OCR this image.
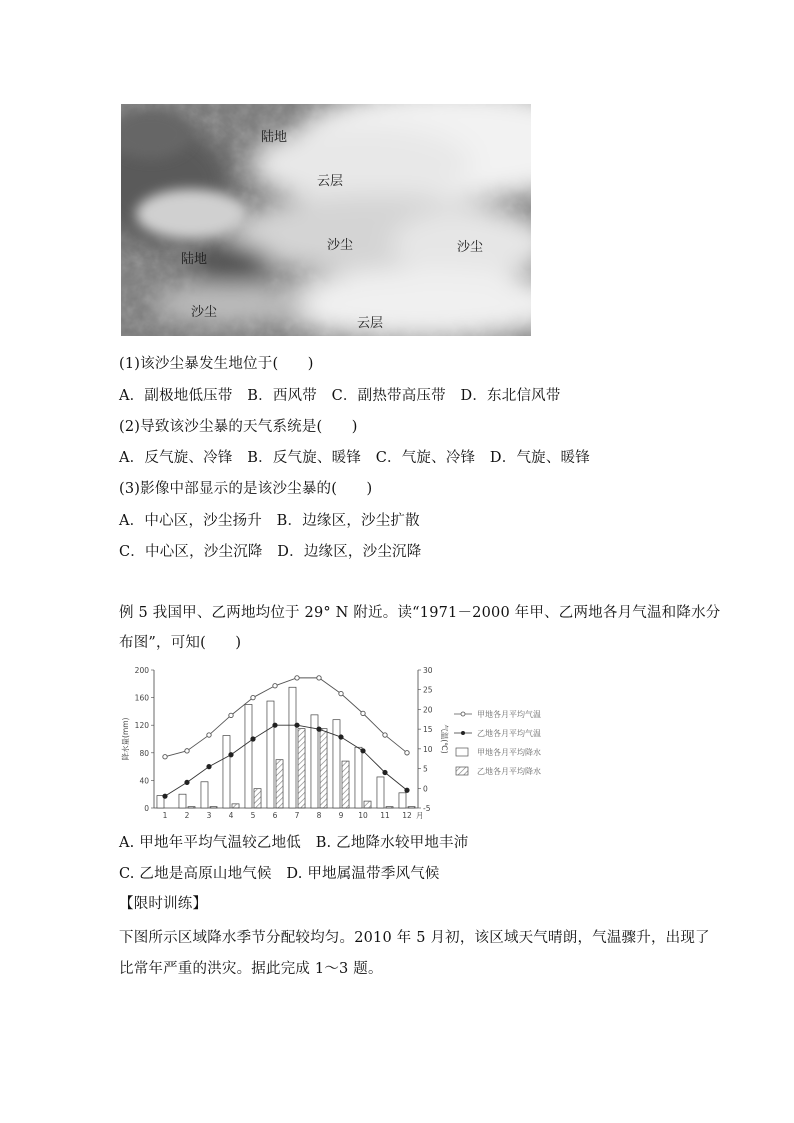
陆地
云层
沙尘	沙尘
陆地
沙尘
云层
(1)该沙尘暴发生地位于(　　)
A．副极地低压带　B．西风带　C．副热带高压带　D．东北信风带
(2)导致该沙尘暴的天气系统是(　　)
A．反气旋、冷锋　B．反气旋、暖锋　C．气旋、冷锋　D．气旋、暖锋
(3)影像中部显示的是该沙尘暴的(　　)
A．中心区，沙尘扬升　B．边缘区，沙尘扩散
C．中心区，沙尘沉降　D．边缘区，沙尘沉降
例 5 我国甲、乙两地均位于 29° N 附近。读“1971－2000 年甲、乙两地各月气温和降水分
布图”，可知(　　)
0
40
80
120
160
200
-5
0
5
10
15
20
25
30
降水量(mm)	气温(℃)
1 2 3 4 5 6 7 8 9 10 11 12 月
甲地各月平均气温
乙地各月平均气温
甲地各月平均降水
乙地各月平均降水
A. 甲地年平均气温较乙地低　B. 乙地降水较甲地丰沛
C. 乙地是高原山地气候　D. 甲地属温带季风气候
【限时训练】
下图所示区域降水季节分配较均匀。2010 年 5 月初，该区域天气晴朗，气温骤升，出现了
比常年严重的洪灾。据此完成 1～3 题。
